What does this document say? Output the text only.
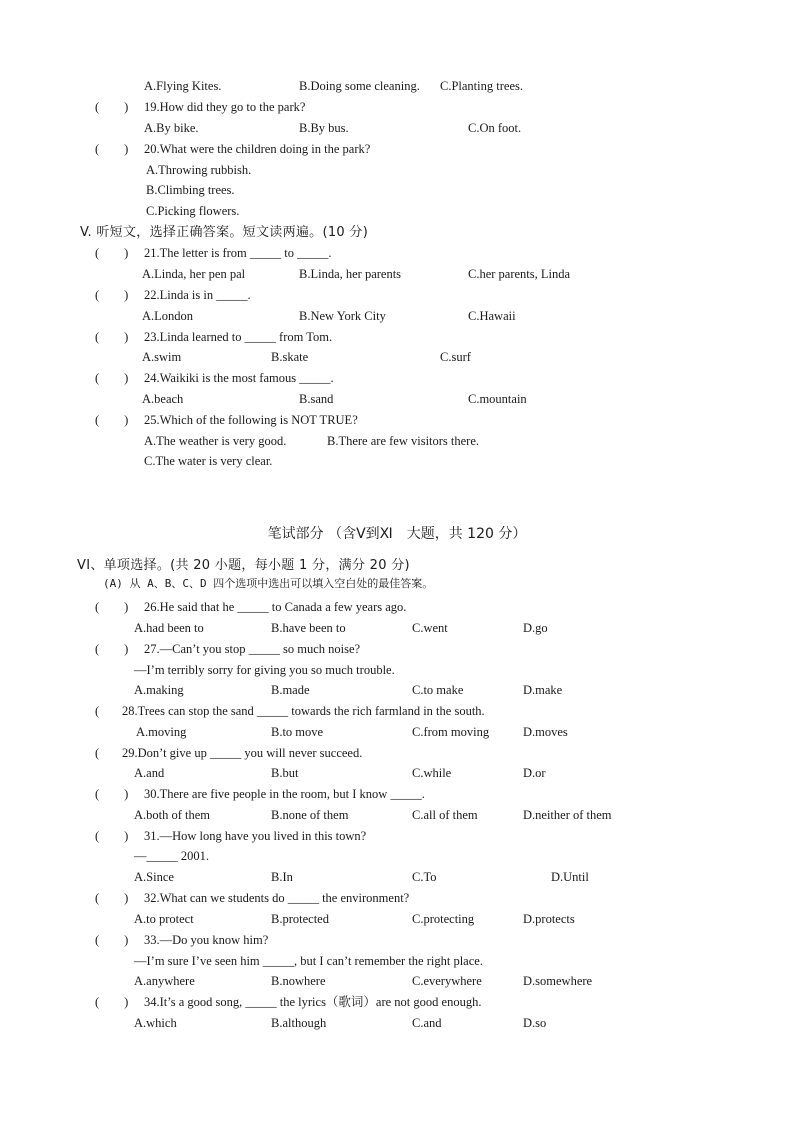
A.Flying Kites.	B.Doing some cleaning. C.Planting trees.
(　　) 19.How did they go to the park?
A.By bike.	B.By bus.	C.On foot.
(　　) 20.What were the children doing in the park?
A.Throwing rubbish.
B.Climbing trees.
C.Picking flowers.
V. 听短文，选择正确答案。短文读两遍。(10 分)
(　　) 21.The letter is from _____ to _____.
A.Linda, her pen pal	B.Linda, her parents	C.her parents, Linda
(　　) 22.Linda is in _____.
A.London	B.New York City	C.Hawaii
(　　) 23.Linda learned to _____ from Tom.
A.swim	B.skate	C.surf
(　　) 24.Waikiki is the most famous _____.
A.beach	B.sand	C.mountain
(　　) 25.Which of the following is NOT TRUE?
A.The weather is very good.	B.There are few visitors there.
C.The water is very clear.
笔试部分 （含Ⅴ到Ⅺ　大题，共 120 分）
VI、单项选择。(共 20 小题，每小题 1 分，满分 20 分)
(A) 从 A、B、C、D 四个选项中选出可以填入空白处的最佳答案。
(　　) 26.He said that he _____ to Canada a few years ago.
A.had been to	B.have been to	C.went	D.go
(　　) 27.—Can’t you stop _____ so much noise?
—I’m terribly sorry for giving you so much trouble.
A.making	B.made	C.to make	D.make
(　　
28.Trees can stop the sand _____ towards the rich farmland in the south.
A.moving	B.to move	C.from moving	D.moves
(　　
29.Don’t give up _____ you will never succeed.
A.and	B.but	C.while	D.or
(　　) 30.There are five people in the room, but I know _____.
A.both of them	B.none of them	C.all of them	D.neither of them
(　　) 31.—How long have you lived in this town?
—_____ 2001.
A.Since	B.In	C.To	D.Until
(　　) 32.What can we students do _____ the environment?
A.to protect	B.protected	C.protecting	D.protects
(　　) 33.—Do you know him?
—I’m sure I’ve seen him _____, but I can’t remember the right place.
A.anywhere	B.nowhere	C.everywhere	D.somewhere
(　　) 34.It’s a good song, _____ the lyrics（歌词）are not good enough.
A.which	B.although	C.and	D.so
